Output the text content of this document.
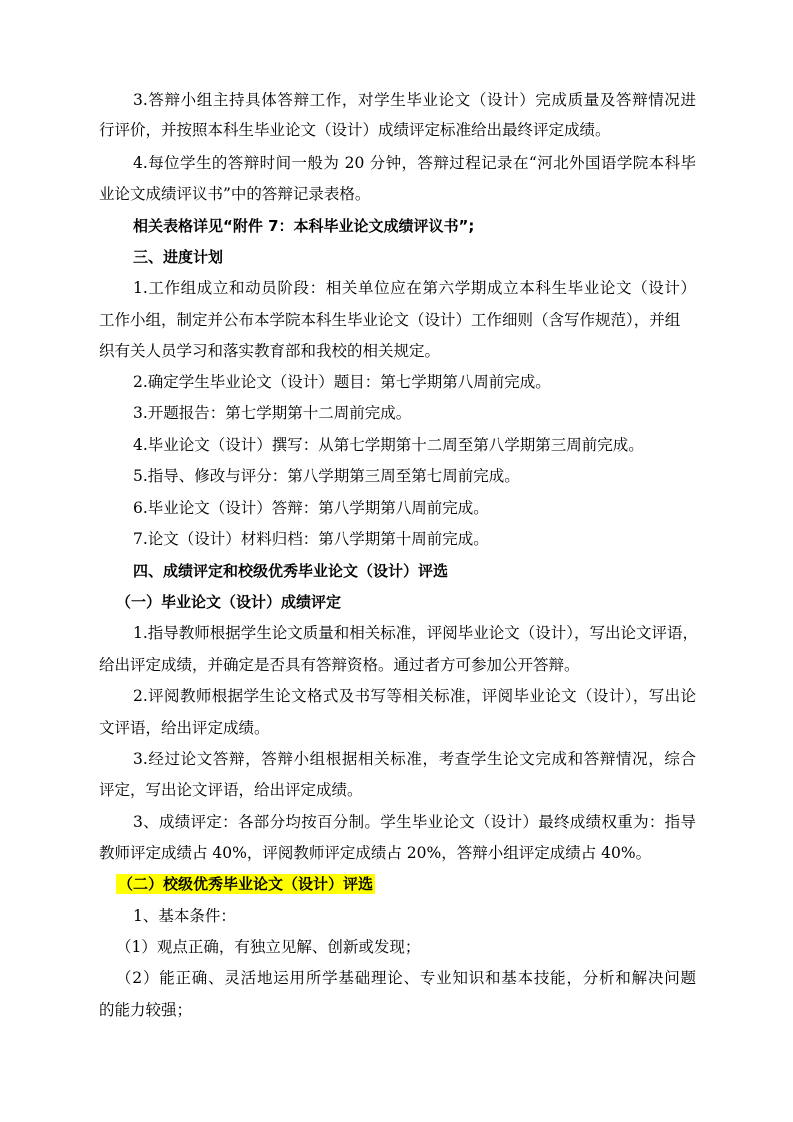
3.答辩小组主持具体答辩工作，对学生毕业论文（设计）完成质量及答辩情况进
行评价，并按照本科生毕业论文（设计）成绩评定标准给出最终评定成绩。
4.每位学生的答辩时间一般为 20 分钟，答辩过程记录在“河北外国语学院本科毕
业论文成绩评议书”中的答辩记录表格。
相关表格详见“附件 7：本科毕业论文成绩评议书”;
三、进度计划
1.工作组成立和动员阶段：相关单位应在第六学期成立本科生毕业论文（设计）
工作小组，制定并公布本学院本科生毕业论文（设计）工作细则（含写作规范），并组
织有关人员学习和落实教育部和我校的相关规定。
2.确定学生毕业论文（设计）题目：第七学期第八周前完成。
3.开题报告：第七学期第十二周前完成。
4.毕业论文（设计）撰写：从第七学期第十二周至第八学期第三周前完成。
5.指导、修改与评分：第八学期第三周至第七周前完成。
6.毕业论文（设计）答辩：第八学期第八周前完成。
7.论文（设计）材料归档：第八学期第十周前完成。
四、成绩评定和校级优秀毕业论文（设计）评选
（一）毕业论文（设计）成绩评定
1.指导教师根据学生论文质量和相关标准，评阅毕业论文（设计），写出论文评语，
给出评定成绩，并确定是否具有答辩资格。通过者方可参加公开答辩。
2.评阅教师根据学生论文格式及书写等相关标准，评阅毕业论文（设计），写出论
文评语，给出评定成绩。
3.经过论文答辩，答辩小组根据相关标准，考查学生论文完成和答辩情况，综合
评定，写出论文评语，给出评定成绩。
3、成绩评定：各部分均按百分制。学生毕业论文（设计）最终成绩权重为：指导
教师评定成绩占 40%，评阅教师评定成绩占 20%，答辩小组评定成绩占 40%。
（二）校级优秀毕业论文（设计）评选
1、基本条件：
（1）观点正确，有独立见解、创新或发现；
（2）能正确、灵活地运用所学基础理论、专业知识和基本技能，分析和解决问题
的能力较强；
